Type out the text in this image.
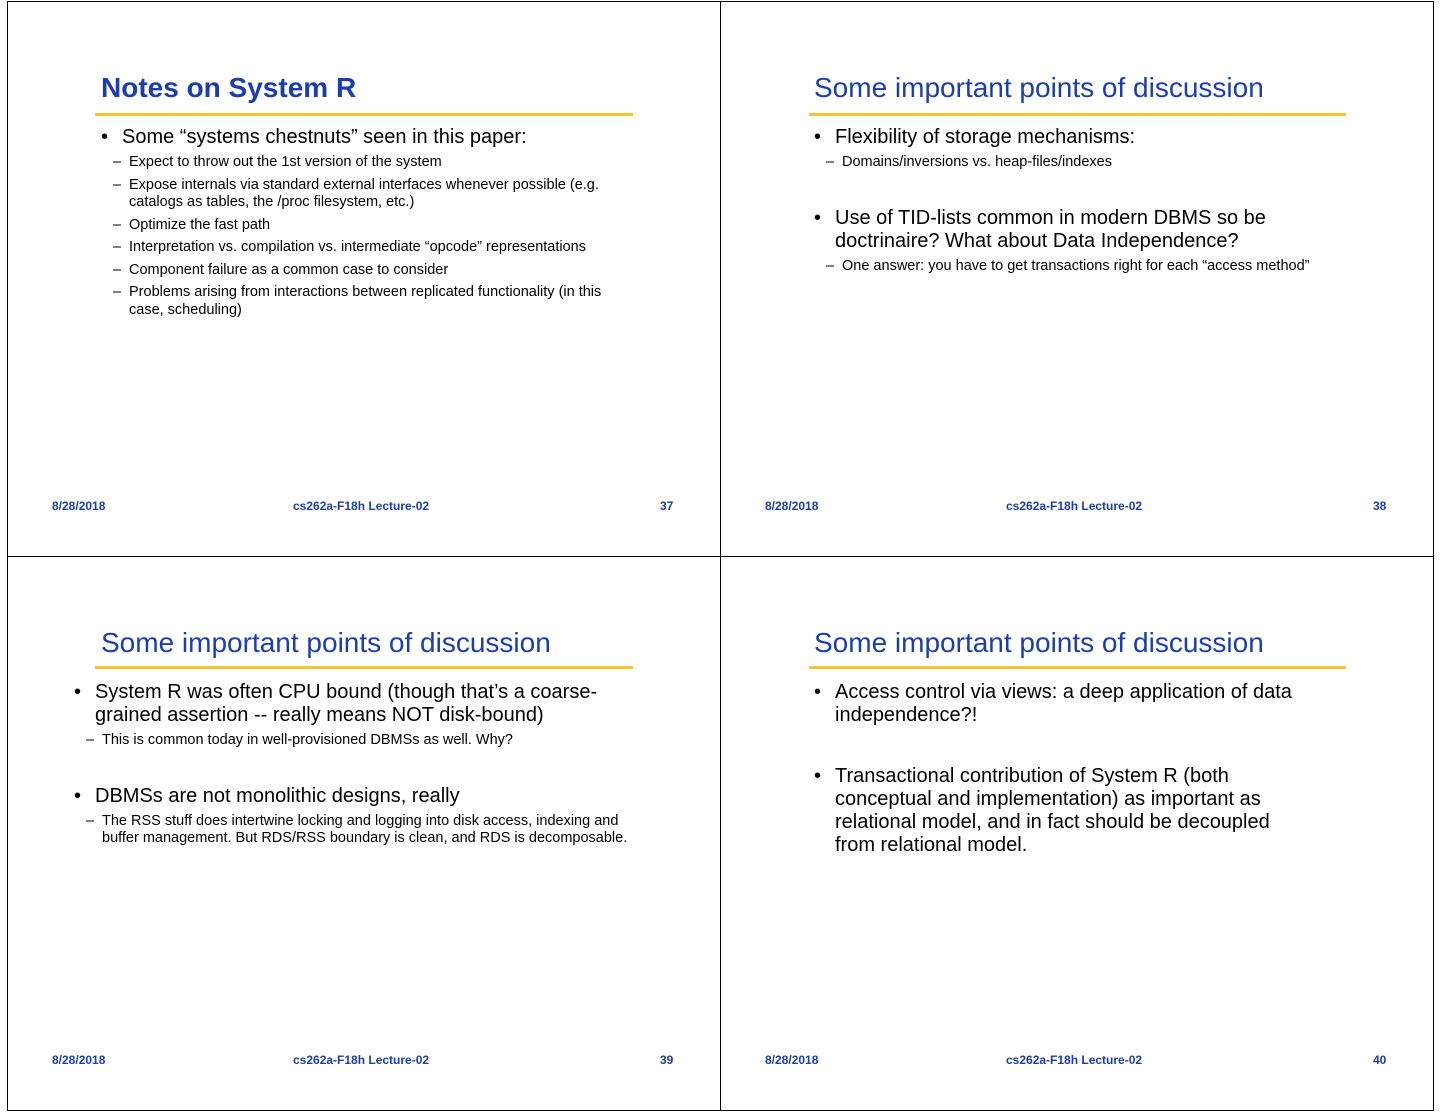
Notes on System R
• Some “systems chestnuts” seen in this paper:
– Expect to throw out the 1st version of the system
– Expose internals via standard external interfaces whenever possible (e.g. catalogs as tables, the /proc filesystem, etc.)
– Optimize the fast path
– Interpretation vs. compilation vs. intermediate “opcode” representations
– Component failure as a common case to consider
– Problems arising from interactions between replicated functionality (in this case, scheduling)
8/28/2018	cs262a-F18h Lecture-02	37
Some important points of discussion
• Flexibility of storage mechanisms:
– Domains/inversions vs. heap-files/indexes
• Use of TID-lists common in modern DBMS so be doctrinaire? What about Data Independence?
– One answer: you have to get transactions right for each “access method”
8/28/2018	cs262a-F18h Lecture-02	38
Some important points of discussion
• System R was often CPU bound (though that’s a coarse-grained assertion -- really means NOT disk-bound)
– This is common today in well-provisioned DBMSs as well. Why?
• DBMSs are not monolithic designs, really
– The RSS stuff does intertwine locking and logging into disk access, indexing and buffer management. But RDS/RSS boundary is clean, and RDS is decomposable.
8/28/2018	cs262a-F18h Lecture-02	39
Some important points of discussion
• Access control via views: a deep application of data independence?!
• Transactional contribution of System R (both conceptual and implementation) as important as relational model, and in fact should be decoupled from relational model.
8/28/2018	cs262a-F18h Lecture-02	40
